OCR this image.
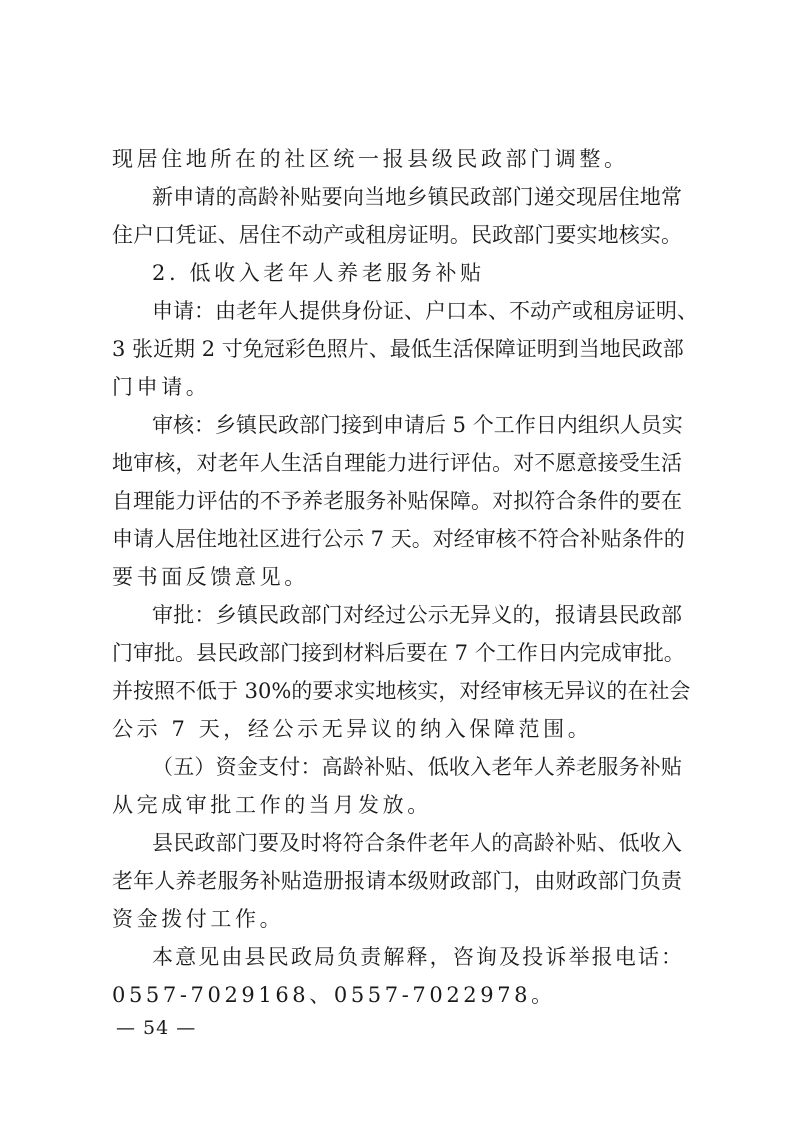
现居住地所在的社区统一报县级民政部门调整。
新申请的高龄补贴要向当地乡镇民政部门递交现居住地常
住户口凭证、居住不动产或租房证明。民政部门要实地核实。
2. 低收入老年人养老服务补贴
申请：由老年人提供身份证、户口本、不动产或租房证明、
3 张近期 2 寸免冠彩色照片、最低生活保障证明到当地民政部
门申请。
审核：乡镇民政部门接到申请后 5 个工作日内组织人员实
地审核，对老年人生活自理能力进行评估。对不愿意接受生活
自理能力评估的不予养老服务补贴保障。对拟符合条件的要在
申请人居住地社区进行公示 7 天。对经审核不符合补贴条件的
要书面反馈意见。
审批：乡镇民政部门对经过公示无异义的，报请县民政部
门审批。县民政部门接到材料后要在 7 个工作日内完成审批。
并按照不低于 30%的要求实地核实，对经审核无异议的在社会
公示 7 天，经公示无异议的纳入保障范围。
（五）资金支付：高龄补贴、低收入老年人养老服务补贴
从完成审批工作的当月发放。
县民政部门要及时将符合条件老年人的高龄补贴、低收入
老年人养老服务补贴造册报请本级财政部门，由财政部门负责
资金拨付工作。
本意见由县民政局负责解释，咨询及投诉举报电话：
0557-7029168、0557-7022978。
— 54 —
